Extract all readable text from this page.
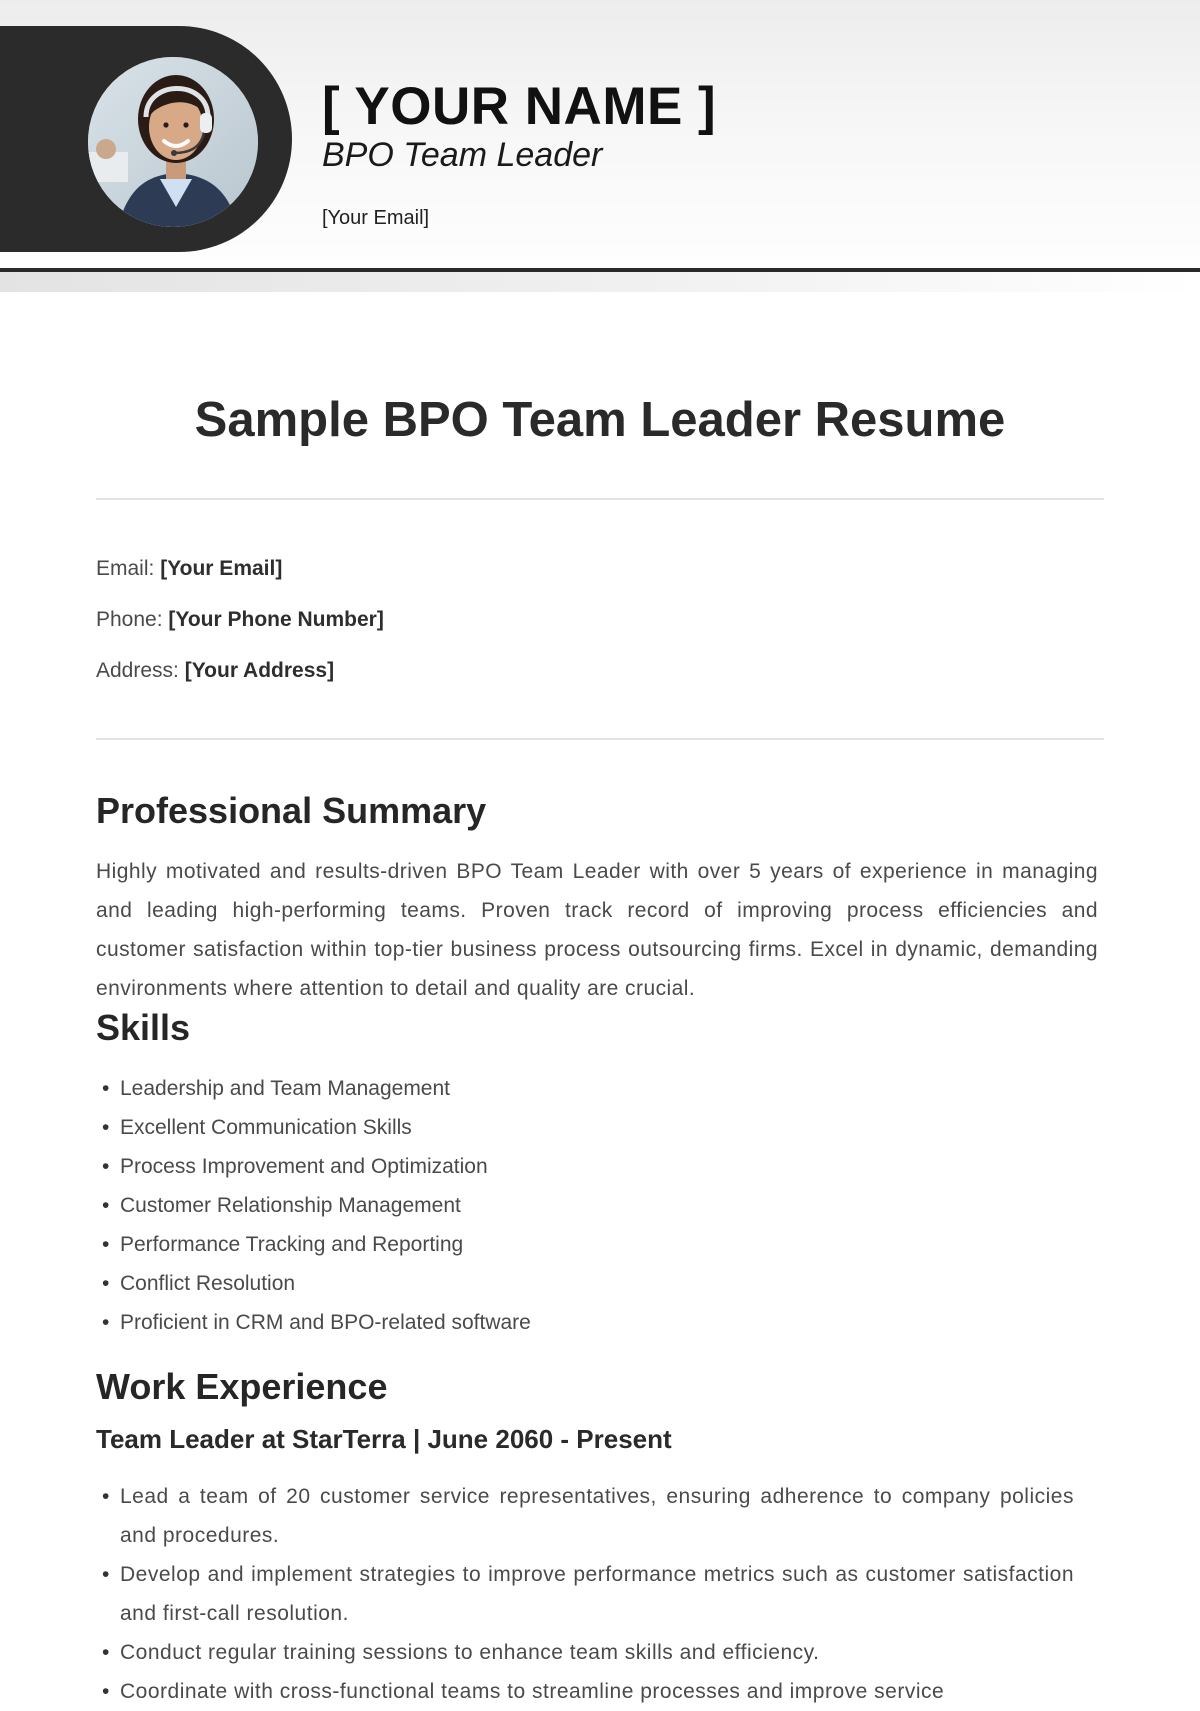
[ YOUR NAME ]

BPO Team Leader

[Your Email]

Sample BPO Team Leader Resume

Email: [Your Email]

Phone: [Your Phone Number]

Address: [Your Address]

Professional Summary

Highly motivated and results-driven BPO Team Leader with over 5 years of experience in managing and leading high-performing teams. Proven track record of improving process efficiencies and customer satisfaction within top-tier business process outsourcing firms. Excel in dynamic, demanding environments where attention to detail and quality are crucial.

Skills
• Leadership and Team Management
• Excellent Communication Skills
• Process Improvement and Optimization
• Customer Relationship Management
• Performance Tracking and Reporting
• Conflict Resolution
• Proficient in CRM and BPO-related software
Work Experience

Team Leader at StarTerra | June 2060 - Present

• Lead a team of 20 customer service representatives, ensuring adherence to company policies and procedures.
• Develop and implement strategies to improve performance metrics such as customer satisfaction and first-call resolution.
• Conduct regular training sessions to enhance team skills and efficiency.
• Coordinate with cross-functional teams to streamline processes and improve service
